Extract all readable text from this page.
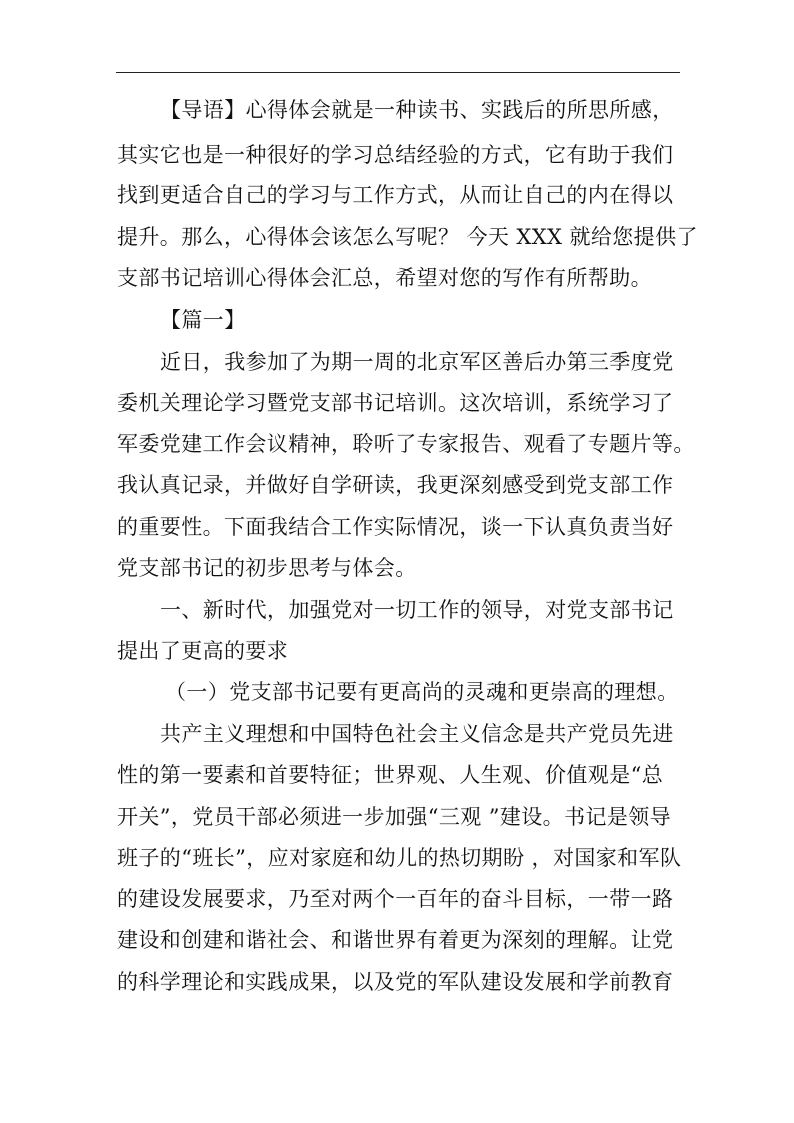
【导语】心得体会就是一种读书、实践后的所思所感，
其实它也是一种很好的学习总结经验的方式，它有助于我们
找到更适合自己的学习与工作方式，从而让自己的内在得以
提升。那么，心得体会该怎么写呢？ 今天 XXX 就给您提供了
支部书记培训心得体会汇总，希望对您的写作有所帮助。
【篇一】
近日，我参加了为期一周的北京军区善后办第三季度党
委机关理论学习暨党支部书记培训。这次培训，系统学习了
军委党建工作会议精神，聆听了专家报告、观看了专题片等。
我认真记录，并做好自学研读，我更深刻感受到党支部工作
的重要性。下面我结合工作实际情况，谈一下认真负责当好
党支部书记的初步思考与体会。
一、新时代，加强党对一切工作的领导，对党支部书记
提出了更高的要求
（一）党支部书记要有更高尚的灵魂和更崇高的理想。
共产主义理想和中国特色社会主义信念是共产党员先进
性的第一要素和首要特征；世界观、人生观、价值观是“总
开关”，党员干部必须进一步加强“三观 ”建设。书记是领导
班子的“班长”，应对家庭和幼儿的热切期盼 ，对国家和军队
的建设发展要求，乃至对两个一百年的奋斗目标，一带一路
建设和创建和谐社会、和谐世界有着更为深刻的理解。让党
的科学理论和实践成果，以及党的军队建设发展和学前教育
